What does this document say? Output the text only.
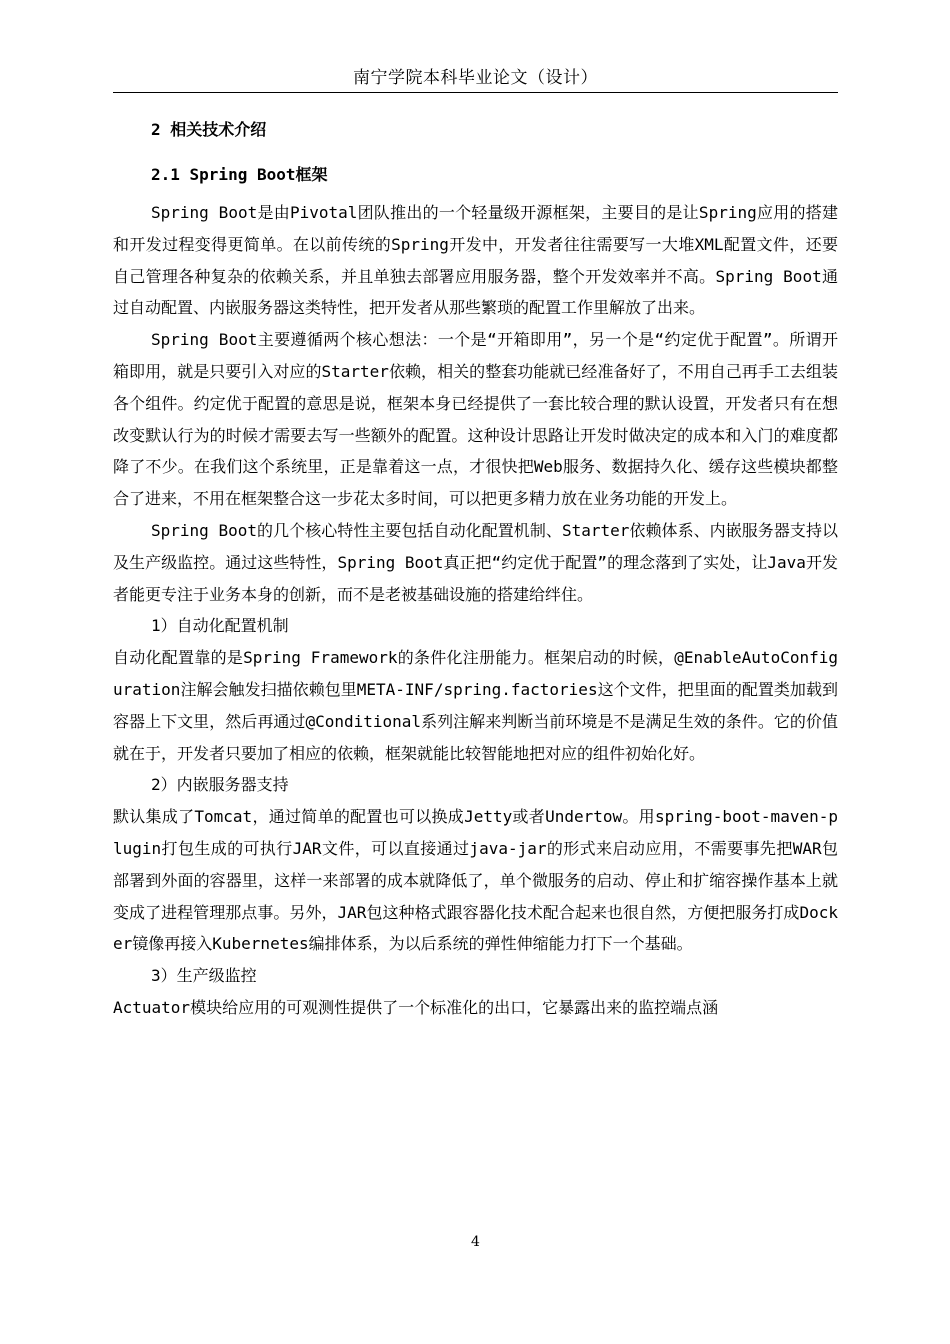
南宁学院本科毕业论文（设计）
2 相关技术介绍
2.1 Spring Boot框架

Spring Boot是由Pivotal团队推出的一个轻量级开源框架，主要目的是让Spring应用的搭建和开发过程变得更简单。在以前传统的Spring开发中，开发者往往需要写一大堆XML配置文件，还要自己管理各种复杂的依赖关系，并且单独去部署应用服务器，整个开发效率并不高。Spring Boot通过自动配置、内嵌服务器这类特性，把开发者从那些繁琐的配置工作里解放了出来。

Spring Boot主要遵循两个核心想法：一个是“开箱即用”，另一个是“约定优于配置”。所谓开箱即用，就是只要引入对应的Starter依赖，相关的整套功能就已经准备好了，不用自己再手工去组装各个组件。约定优于配置的意思是说，框架本身已经提供了一套比较合理的默认设置，开发者只有在想改变默认行为的时候才需要去写一些额外的配置。这种设计思路让开发时做决定的成本和入门的难度都降了不少。在我们这个系统里，正是靠着这一点，才很快把Web服务、数据持久化、缓存这些模块都整合了进来，不用在框架整合这一步花太多时间，可以把更多精力放在业务功能的开发上。

Spring Boot的几个核心特性主要包括自动化配置机制、Starter依赖体系、内嵌服务器支持以及生产级监控。通过这些特性，Spring Boot真正把“约定优于配置”的理念落到了实处，让Java开发者能更专注于业务本身的创新，而不是老被基础设施的搭建给绊住。

1）自动化配置机制

自动化配置靠的是Spring Framework的条件化注册能力。框架启动的时候，@EnableAutoConfiguration注解会触发扫描依赖包里META-INF/spring.factories这个文件，把里面的配置类加载到容器上下文里，然后再通过@Conditional系列注解来判断当前环境是不是满足生效的条件。它的价值就在于，开发者只要加了相应的依赖，框架就能比较智能地把对应的组件初始化好。

2）内嵌服务器支持

默认集成了Tomcat，通过简单的配置也可以换成Jetty或者Undertow。用spring-boot-maven-plugin打包生成的可执行JAR文件，可以直接通过java-jar的形式来启动应用，不需要事先把WAR包部署到外面的容器里，这样一来部署的成本就降低了，单个微服务的启动、停止和扩缩容操作基本上就变成了进程管理那点事。另外，JAR包这种格式跟容器化技术配合起来也很自然，方便把服务打成Docker镜像再接入Kubernetes编排体系，为以后系统的弹性伸缩能力打下一个基础。

3）生产级监控

Actuator模块给应用的可观测性提供了一个标准化的出口，它暴露出来的监控端点涵

4
